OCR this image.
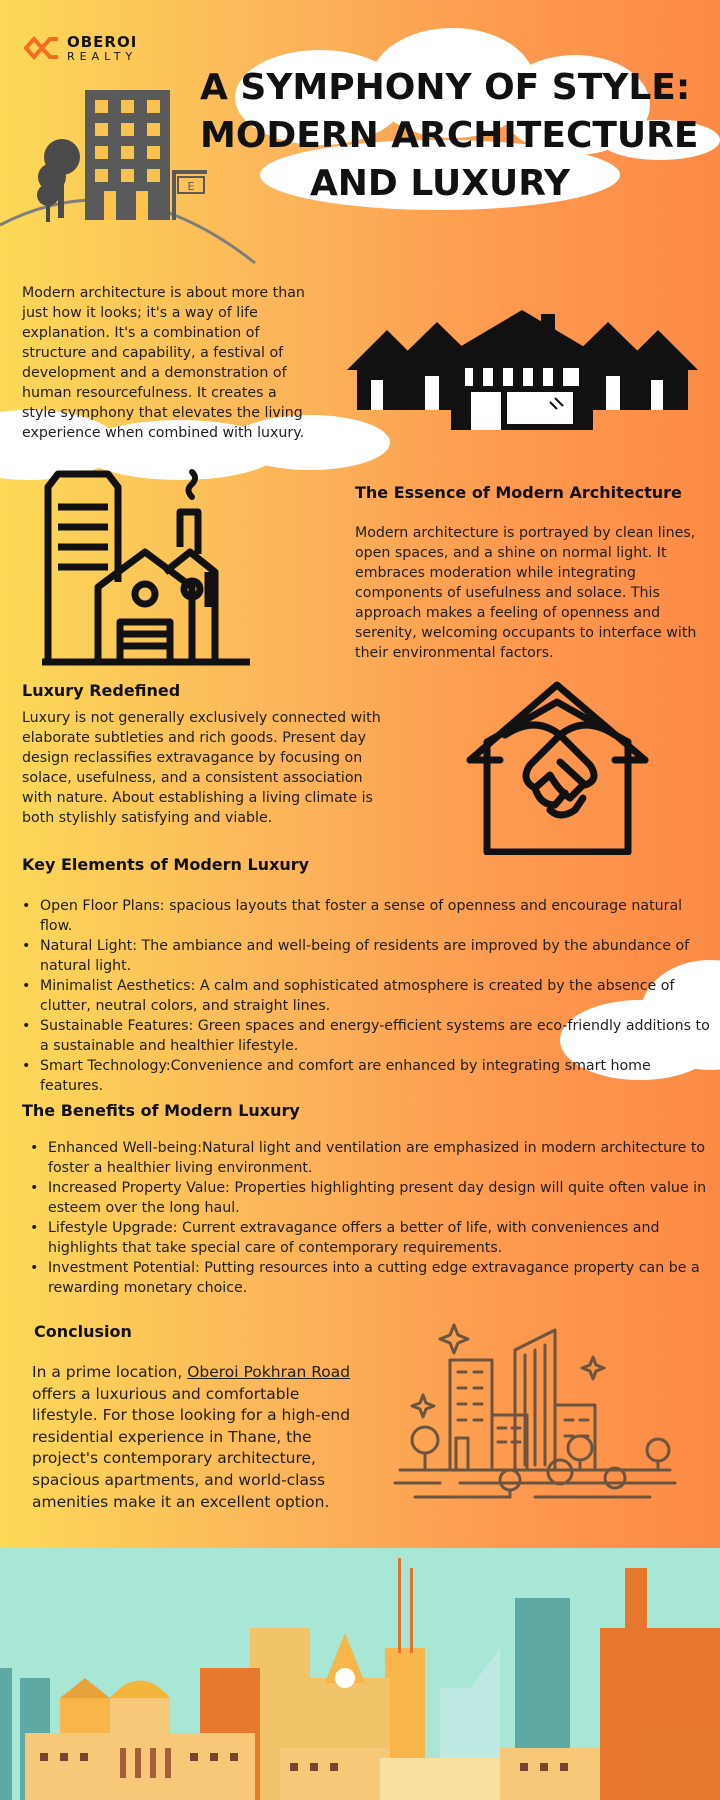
OBEROI
REALTY
E
A SYMPHONY OF STYLE:
MODERN ARCHITECTURE
AND LUXURY

Modern architecture is about more than just how it looks; it's a way of life explanation. It's a combination of structure and capability, a festival of development and a demonstration of human resourcefulness. It creates a style symphony that elevates the living experience when combined with luxury.

The Essence of Modern Architecture

Modern architecture is portrayed by clean lines, open spaces, and a shine on normal light. It embraces moderation while integrating components of usefulness and solace. This approach makes a feeling of openness and serenity, welcoming occupants to interface with their environmental factors.

Luxury Redefined

Luxury is not generally exclusively connected with elaborate subtleties and rich goods. Present day design reclassifies extravagance by focusing on solace, usefulness, and a consistent association with nature. About establishing a living climate is both stylishly satisfying and viable.

Key Elements of Modern Luxury
• Open Floor Plans: spacious layouts that foster a sense of openness and encourage natural flow.
• Natural Light: The ambiance and well-being of residents are improved by the abundance of natural light.
• Minimalist Aesthetics: A calm and sophisticated atmosphere is created by the absence of clutter, neutral colors, and straight lines.
• Sustainable Features: Green spaces and energy-efficient systems are eco-friendly additions to a sustainable and healthier lifestyle.
• Smart Technology:Convenience and comfort are enhanced by integrating smart home features.
The Benefits of Modern Luxury
• Enhanced Well-being:Natural light and ventilation are emphasized in modern architecture to foster a healthier living environment.
• Increased Property Value: Properties highlighting present day design will quite often value in esteem over the long haul.
• Lifestyle Upgrade: Current extravagance offers a better of life, with conveniences and highlights that take special care of contemporary requirements.
• Investment Potential: Putting resources into a cutting edge extravagance property can be a rewarding monetary choice.
Conclusion

In a prime location, Oberoi Pokhran Road offers a luxurious and comfortable lifestyle. For those looking for a high-end residential experience in Thane, the project's contemporary architecture, spacious apartments, and world-class amenities make it an excellent option.
